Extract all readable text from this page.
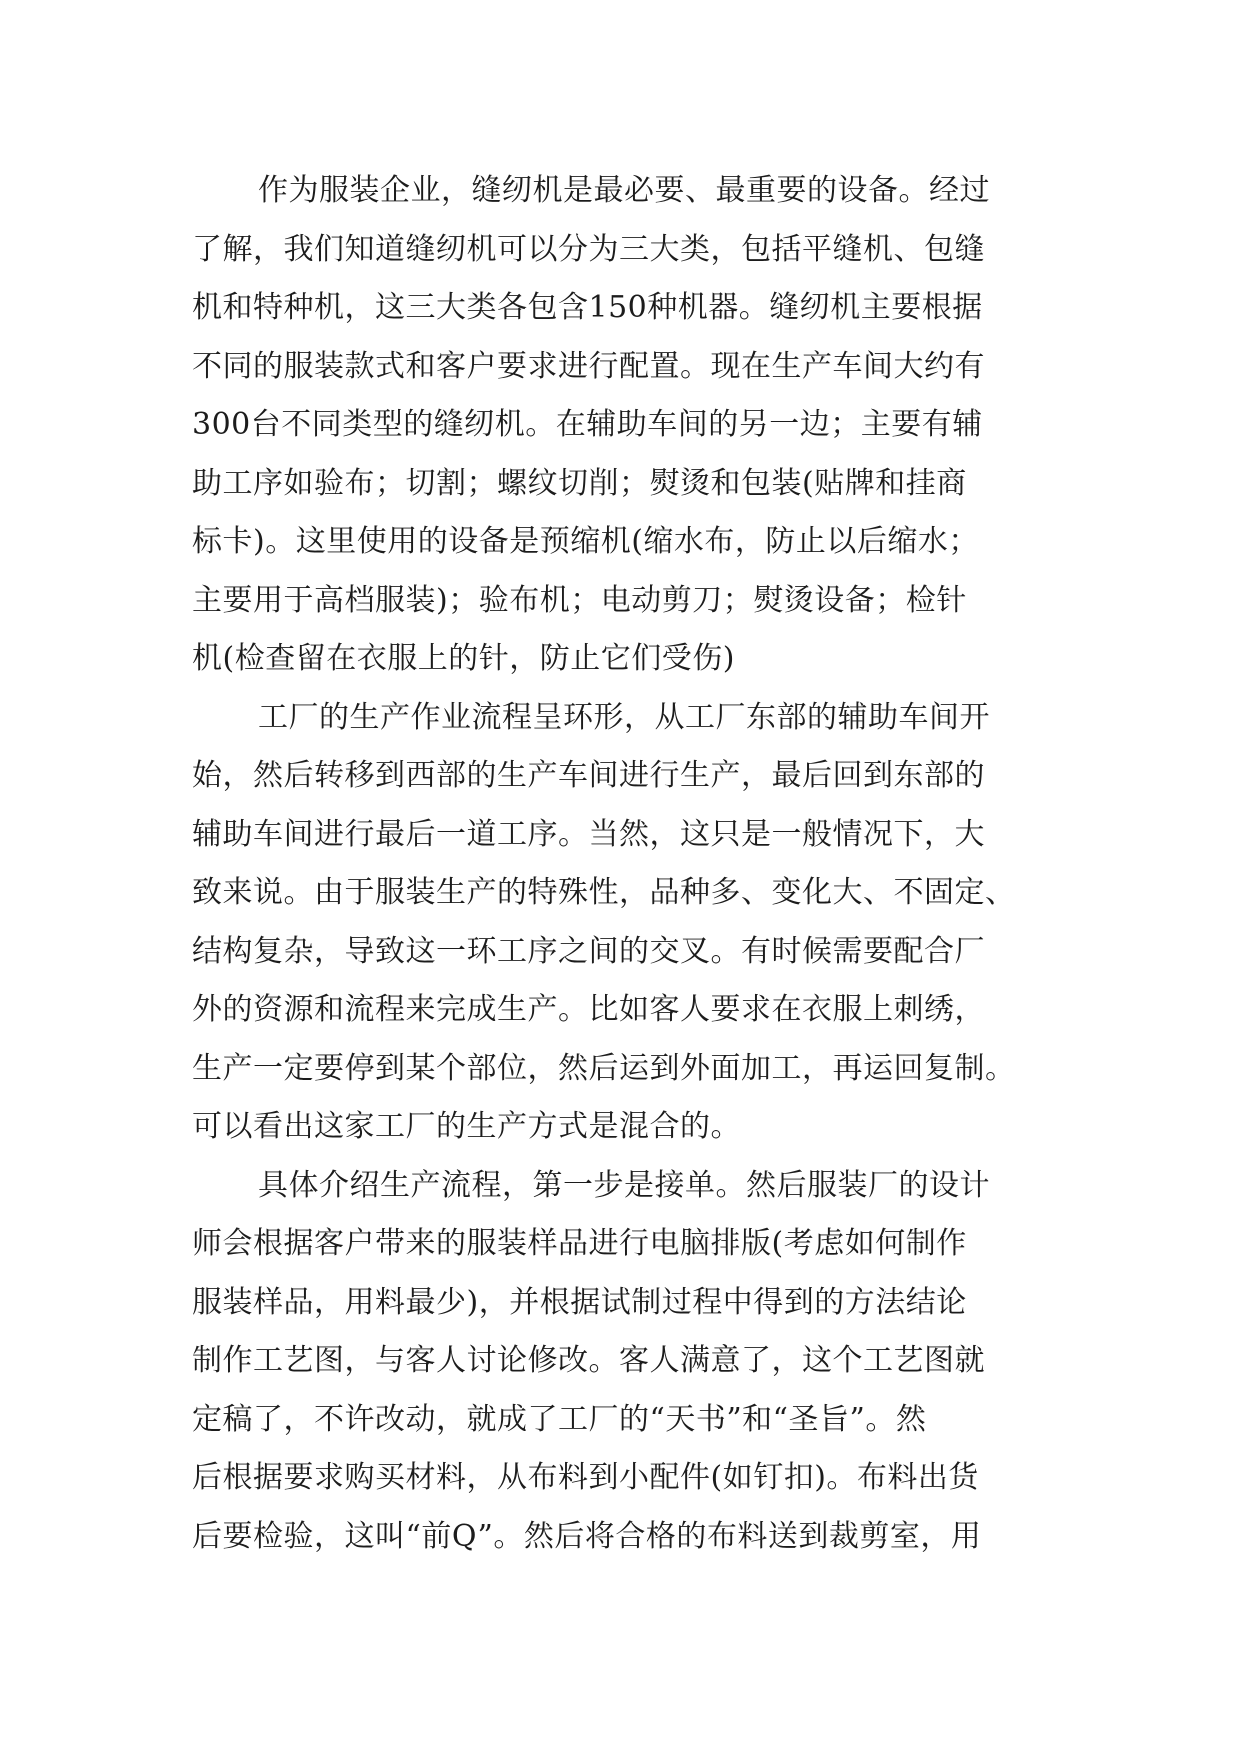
作为服装企业，缝纫机是最必要、最重要的设备。经过
了解，我们知道缝纫机可以分为三大类，包括平缝机、包缝
机和特种机，这三大类各包含150种机器。缝纫机主要根据
不同的服装款式和客户要求进行配置。现在生产车间大约有
300台不同类型的缝纫机。在辅助车间的另一边；主要有辅
助工序如验布；切割；螺纹切削；熨烫和包装(贴牌和挂商
标卡)。这里使用的设备是预缩机(缩水布，防止以后缩水；
主要用于高档服装)；验布机；电动剪刀；熨烫设备；检针
机(检查留在衣服上的针，防止它们受伤)

工厂的生产作业流程呈环形，从工厂东部的辅助车间开
始，然后转移到西部的生产车间进行生产，最后回到东部的
辅助车间进行最后一道工序。当然，这只是一般情况下，大
致来说。由于服装生产的特殊性，品种多、变化大、不固定、
结构复杂，导致这一环工序之间的交叉。有时候需要配合厂
外的资源和流程来完成生产。比如客人要求在衣服上刺绣，
生产一定要停到某个部位，然后运到外面加工，再运回复制。
可以看出这家工厂的生产方式是混合的。

具体介绍生产流程，第一步是接单。然后服装厂的设计
师会根据客户带来的服装样品进行电脑排版(考虑如何制作
服装样品，用料最少)，并根据试制过程中得到的方法结论
制作工艺图，与客人讨论修改。客人满意了，这个工艺图就
定稿了，不许改动，就成了工厂的“天书”和“圣旨”。然
后根据要求购买材料，从布料到小配件(如钉扣)。布料出货
后要检验，这叫“前Q”。然后将合格的布料送到裁剪室，用
